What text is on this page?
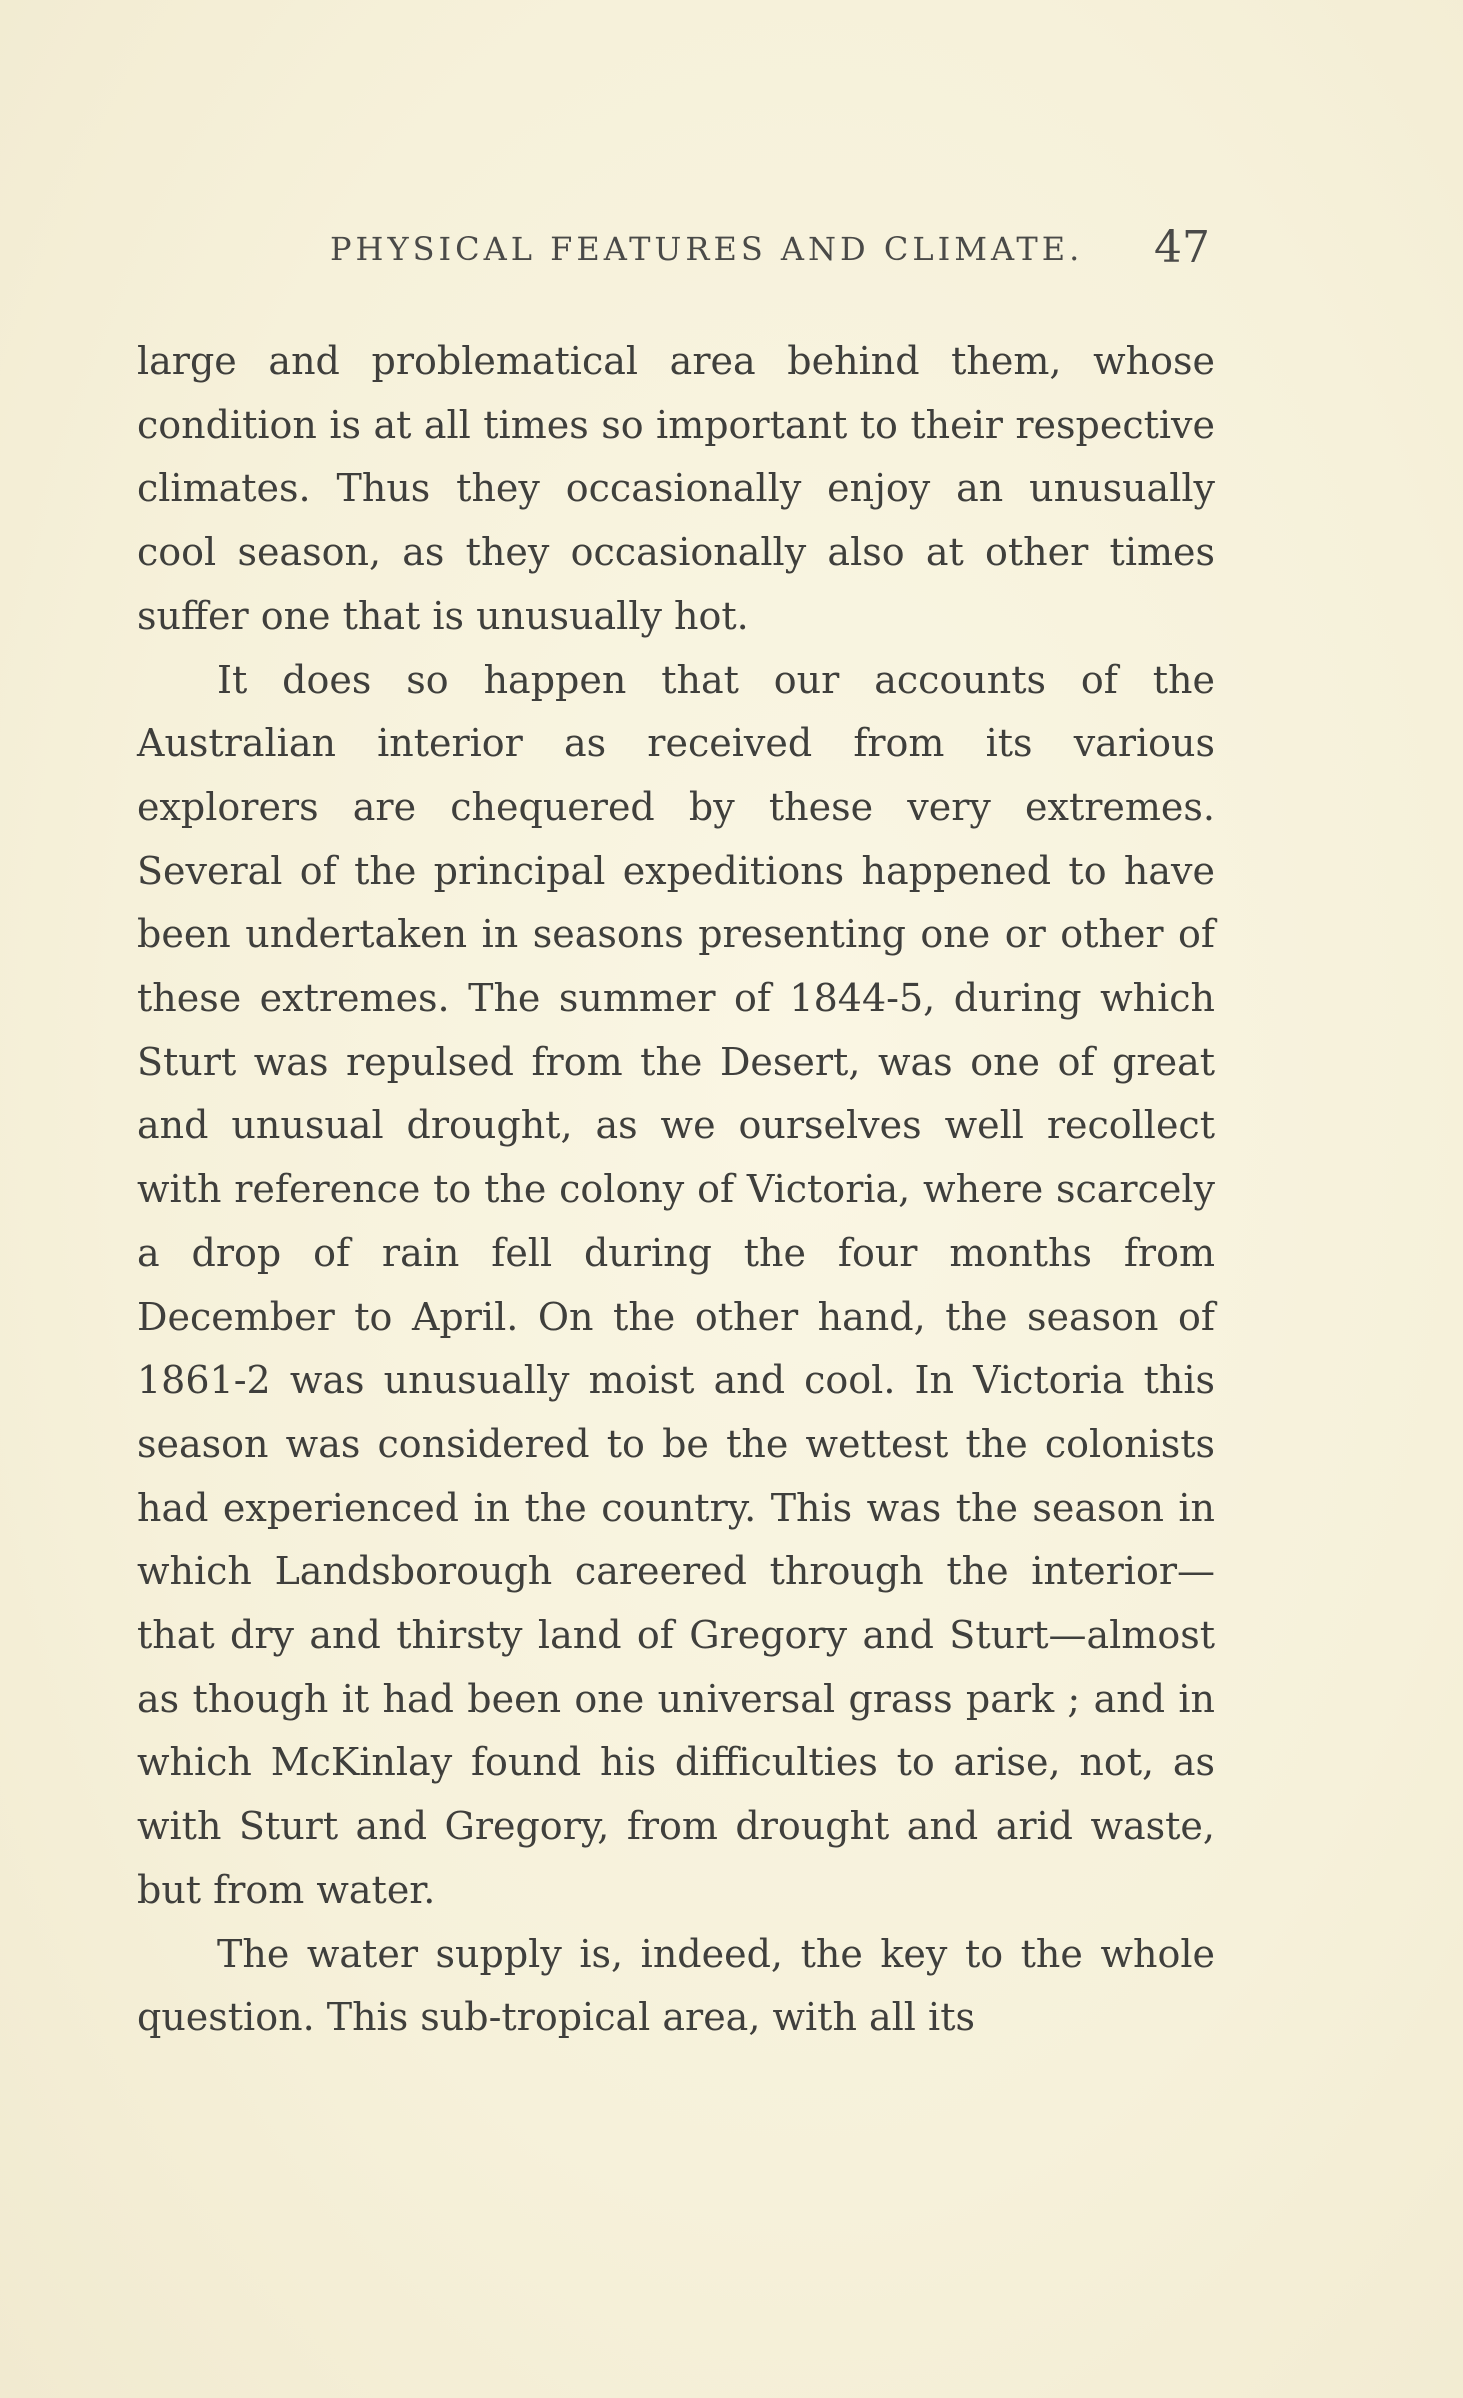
PHYSICAL FEATURES AND CLIMATE. 47

large and problematical area behind them, whose condition is at all times so important to their respective climates. Thus they occasionally enjoy an unusually cool season, as they occasionally also at other times suffer one that is unusually hot.

It does so happen that our accounts of the Australian interior as received from its various explorers are chequered by these very extremes. Several of the principal expeditions happened to have been undertaken in seasons presenting one or other of these extremes. The summer of 1844-5, during which Sturt was repulsed from the Desert, was one of great and unusual drought, as we ourselves well recollect with reference to the colony of Victoria, where scarcely a drop of rain fell during the four months from December to April. On the other hand, the season of 1861-2 was unusually moist and cool. In Victoria this season was considered to be the wettest the colonists had experienced in the country. This was the season in which Landsborough careered through the interior—that dry and thirsty land of Gregory and Sturt—almost as though it had been one universal grass park ; and in which McKinlay found his difficulties to arise, not, as with Sturt and Gregory, from drought and arid waste, but from water.

The water supply is, indeed, the key to the whole question. This sub-tropical area, with all its
